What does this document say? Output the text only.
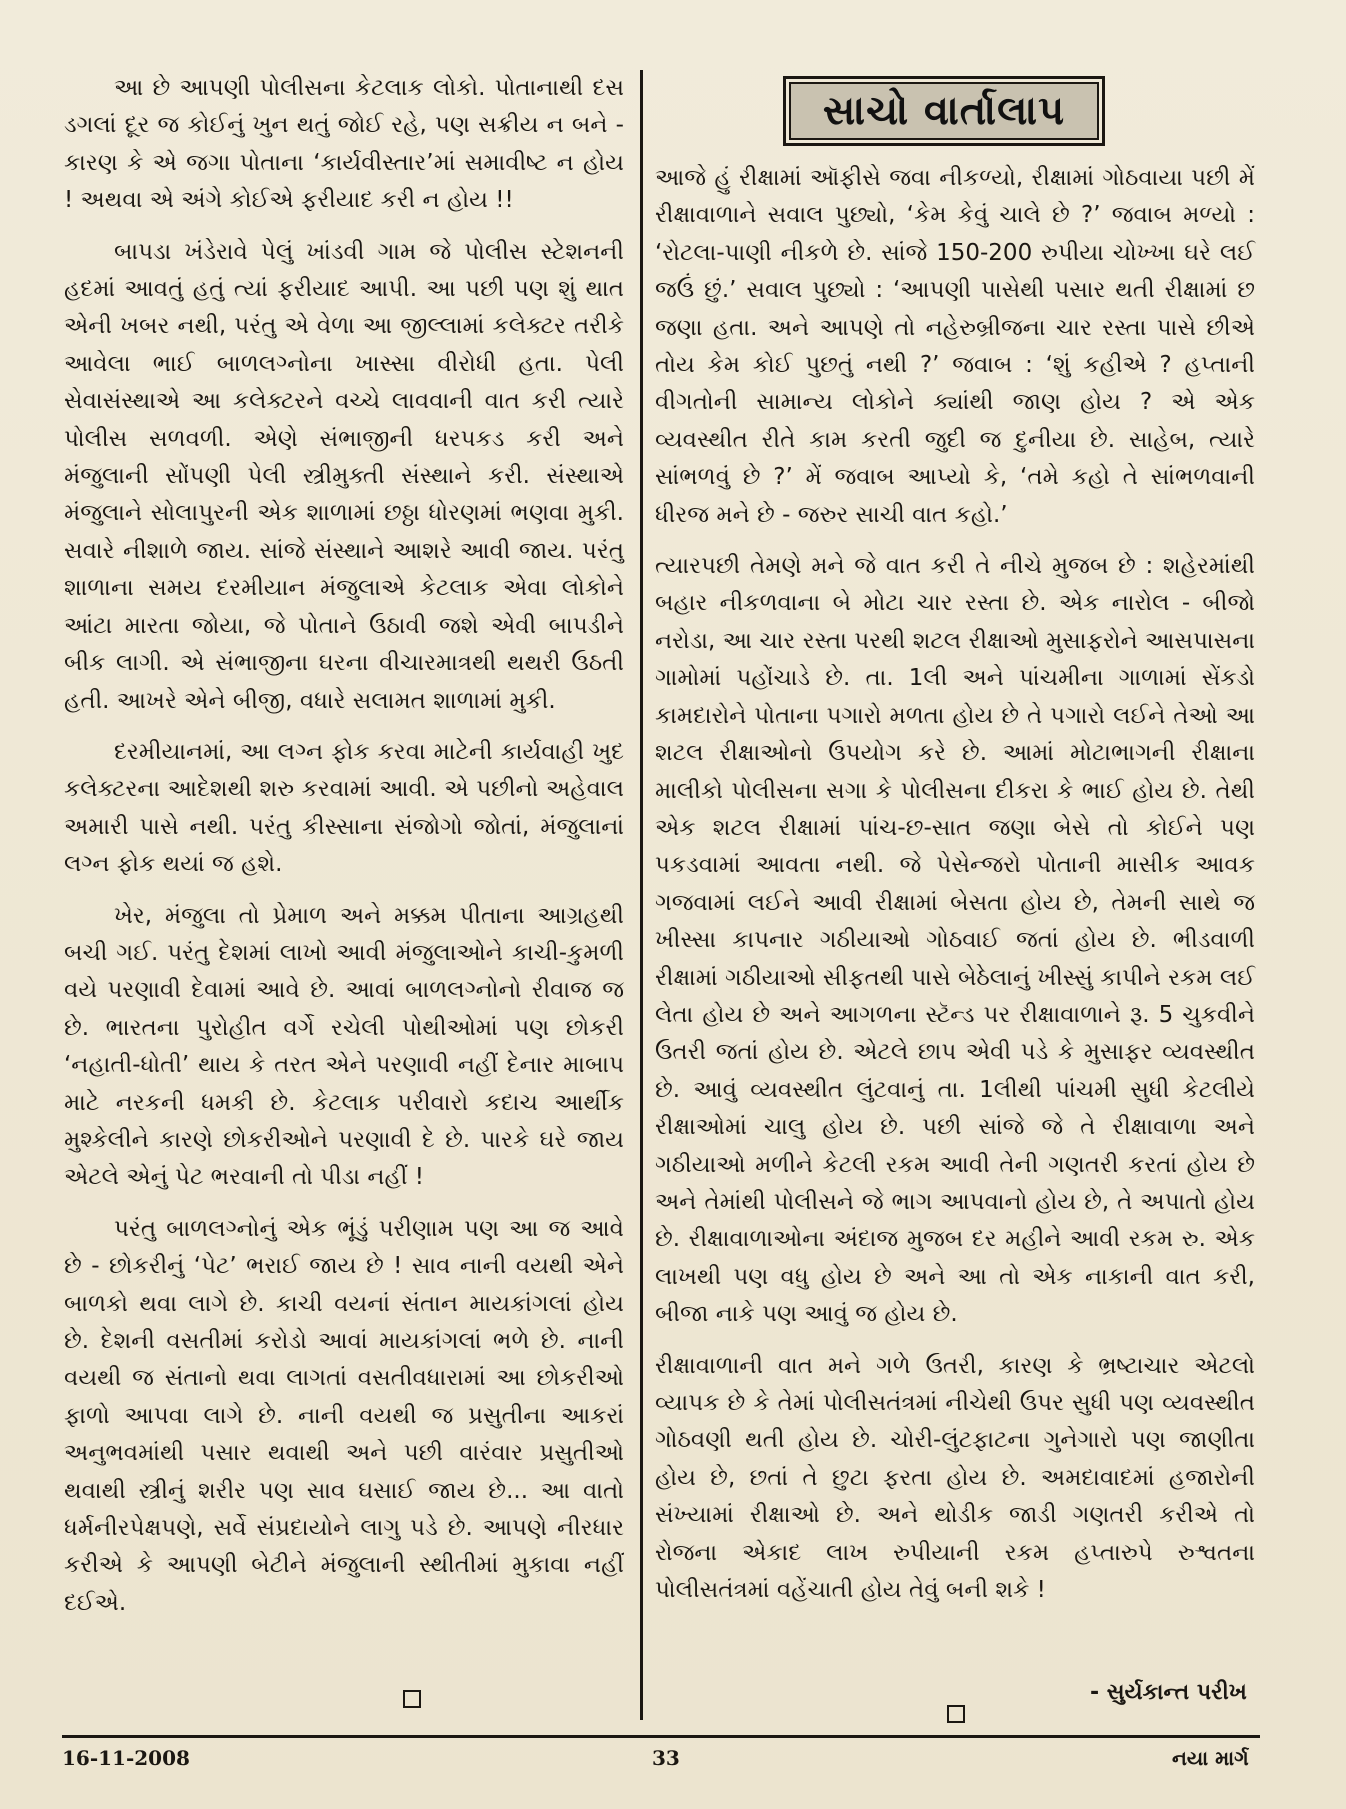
આ છે આપણી પોલીસના કેટલાક લોકો. પોતાનાથી દસ ડગલાં દૂર જ કોઈનું ખુન થતું જોઈ રહે, પણ સક્રીય ન બને - કારણ કે એ જગા પોતાના ‘કાર્યવીસ્તાર’માં સમાવીષ્ટ ન હોય ! અથવા એ અંગે કોઈએ ફરીયાદ કરી ન હોય !!

બાપડા ખંડેરાવે પેલું ખાંડવી ગામ જે પોલીસ સ્ટેશનની હદમાં આવતું હતું ત્યાં ફરીયાદ આપી. આ પછી પણ શું થાત એની ખબર નથી, પરંતુ એ વેળા આ જીલ્લામાં કલેક્ટર તરીકે આવેલા ભાઈ બાળલગ્નોના ખાસ્સા વીરોધી હતા. પેલી સેવાસંસ્થાએ આ કલેક્ટરને વચ્ચે લાવવાની વાત કરી ત્યારે પોલીસ સળવળી. એણે સંભાજીની ધરપકડ કરી અને મંજુલાની સોંપણી પેલી સ્ત્રીમુક્તી સંસ્થાને કરી. સંસ્થાએ મંજુલાને સોલાપુરની એક શાળામાં છઠ્ઠા ધોરણમાં ભણવા મુકી. સવારે નીશાળે જાય. સાંજે સંસ્થાને આશરે આવી જાય. પરંતુ શાળાના સમય દરમીયાન મંજુલાએ કેટલાક એવા લોકોને આંટા મારતા જોયા, જે પોતાને ઉઠાવી જશે એવી બાપડીને બીક લાગી. એ સંભાજીના ઘરના વીચારમાત્રથી થથરી ઉઠતી હતી. આખરે એને બીજી, વધારે સલામત શાળામાં મુકી.

દરમીયાનમાં, આ લગ્ન ફોક કરવા માટેની કાર્યવાહી ખુદ કલેક્ટરના આદેશથી શરુ કરવામાં આવી. એ પછીનો અહેવાલ અમારી પાસે નથી. પરંતુ કીસ્સાના સંજોગો જોતાં, મંજુલાનાં લગ્ન ફોક થયાં જ હશે.

ખેર, મંજુલા તો પ્રેમાળ અને મક્કમ પીતાના આગ્રહથી બચી ગઈ. પરંતુ દેશમાં લાખો આવી મંજુલાઓને કાચી-કુમળી વયે પરણાવી દેવામાં આવે છે. આવાં બાળલગ્નોનો રીવાજ જ છે. ભારતના પુરોહીત વર્ગે રચેલી પોથીઓમાં પણ છોકરી ‘નહાતી-ધોતી’ થાય કે તરત એને પરણાવી નહીં દેનાર માબાપ માટે નરકની ધમકી છે. કેટલાક પરીવારો કદાચ આર્થીક મુશ્કેલીને કારણે છોકરીઓને પરણાવી દે છે. પારકે ઘરે જાય એટલે એનું પેટ ભરવાની તો પીડા નહીં !

પરંતુ બાળલગ્નોનું એક ભૂંડું પરીણામ પણ આ જ આવે છે - છોકરીનું ‘પેટ’ ભરાઈ જાય છે ! સાવ નાની વયથી એને બાળકો થવા લાગે છે. કાચી વયનાં સંતાન માયકાંગલાં હોય છે. દેશની વસતીમાં કરોડો આવાં માયકાંગલાં ભળે છે. નાની વયથી જ સંતાનો થવા લાગતાં વસતીવધારામાં આ છોકરીઓ ફાળો આપવા લાગે છે. નાની વયથી જ પ્રસુતીના આકરાં અનુભવમાંથી પસાર થવાથી અને પછી વારંવાર પ્રસુતીઓ થવાથી સ્ત્રીનું શરીર પણ સાવ ઘસાઈ જાય છે... આ વાતો ધર્મનીરપેક્ષપણે, સર્વે સંપ્રદાયોને લાગુ પડે છે. આપણે નીરધાર કરીએ કે આપણી બેટીને મંજુલાની સ્થીતીમાં મુકાવા નહીં દઈએ.

સાચો વાર્તાલાપ

આજે હું રીક્ષામાં ઑફીસે જવા નીકળ્યો, રીક્ષામાં ગોઠવાયા પછી મેં રીક્ષાવાળાને સવાલ પુછ્યો, ‘કેમ કેવું ચાલે છે ?’ જવાબ મળ્યો : ‘રોટલા-પાણી નીકળે છે. સાંજે 150-200 રુપીયા ચોખ્ખા ઘરે લઈ જઉં છું.’ સવાલ પુછ્યો : ‘આપણી પાસેથી પસાર થતી રીક્ષામાં છ જણા હતા. અને આપણે તો નહેરુબ્રીજના ચાર રસ્તા પાસે છીએ તોય કેમ કોઈ પુછતું નથી ?’ જવાબ : ‘શું કહીએ ? હપ્તાની વીગતોની સામાન્ય લોકોને ક્યાંથી જાણ હોય ? એ એક વ્યવસ્થીત રીતે કામ કરતી જુદી જ દુનીયા છે. સાહેબ, ત્યારે સાંભળવું છે ?’ મેં જવાબ આપ્યો કે, ‘તમે કહો તે સાંભળવાની ધીરજ મને છે - જરુર સાચી વાત કહો.’

ત્યારપછી તેમણે મને જે વાત કરી તે નીચે મુજબ છે : શહેરમાંથી બહાર નીકળવાના બે મોટા ચાર રસ્તા છે. એક નારોલ - બીજો નરોડા, આ ચાર રસ્તા પરથી શટલ રીક્ષાઓ મુસાફરોને આસપાસના ગામોમાં પહોંચાડે છે. તા. 1લી અને પાંચમીના ગાળામાં સેંકડો કામદારોને પોતાના પગારો મળતા હોય છે તે પગારો લઈને તેઓ આ શટલ રીક્ષાઓનો ઉપયોગ કરે છે. આમાં મોટાભાગની રીક્ષાના માલીકો પોલીસના સગા કે પોલીસના દીકરા કે ભાઈ હોય છે. તેથી એક શટલ રીક્ષામાં પાંચ-છ-સાત જણા બેસે તો કોઈને પણ પકડવામાં આવતા નથી. જે પેસેન્જરો પોતાની માસીક આવક ગજવામાં લઈને આવી રીક્ષામાં બેસતા હોય છે, તેમની સાથે જ ખીસ્સા કાપનાર ગઠીયાઓ ગોઠવાઈ જતાં હોય છે. ભીડવાળી રીક્ષામાં ગઠીયાઓ સીફતથી પાસે બેઠેલાનું ખીસ્સું કાપીને રકમ લઈ લેતા હોય છે અને આગળના સ્ટૅન્ડ પર રીક્ષાવાળાને રૂ. 5 ચુકવીને ઉતરી જતાં હોય છે. એટલે છાપ એવી પડે કે મુસાફર વ્યવસ્થીત છે. આવું વ્યવસ્થીત લુંટવાનું તા. 1લીથી પાંચમી સુધી કેટલીયે રીક્ષાઓમાં ચાલુ હોય છે. પછી સાંજે જે તે રીક્ષાવાળા અને ગઠીયાઓ મળીને કેટલી રકમ આવી તેની ગણતરી કરતાં હોય છે અને તેમાંથી પોલીસને જે ભાગ આપવાનો હોય છે, તે અપાતો હોય છે. રીક્ષાવાળાઓના અંદાજ મુજબ દર મહીને આવી રકમ રુ. એક લાખથી પણ વધુ હોય છે અને આ તો એક નાકાની વાત કરી, બીજા નાકે પણ આવું જ હોય છે.

રીક્ષાવાળાની વાત મને ગળે ઉતરી, કારણ કે ભ્રષ્ટાચાર એટલો વ્યાપક છે કે તેમાં પોલીસતંત્રમાં નીચેથી ઉપર સુધી પણ વ્યવસ્થીત ગોઠવણી થતી હોય છે. ચોરી-લુંટફાટના ગુનેગારો પણ જાણીતા હોય છે, છતાં તે છુટા ફરતા હોય છે. અમદાવાદમાં હજારોની સંખ્યામાં રીક્ષાઓ છે. અને થોડીક જાડી ગણતરી કરીએ તો રોજના એકાદ લાખ રુપીયાની રકમ હપ્તારુપે રુશ્વતના પોલીસતંત્રમાં વહેંચાતી હોય તેવું બની શકે !

- સુર્યકાન્ત પરીખ
16-11-2008	33	નયા માર્ગ
